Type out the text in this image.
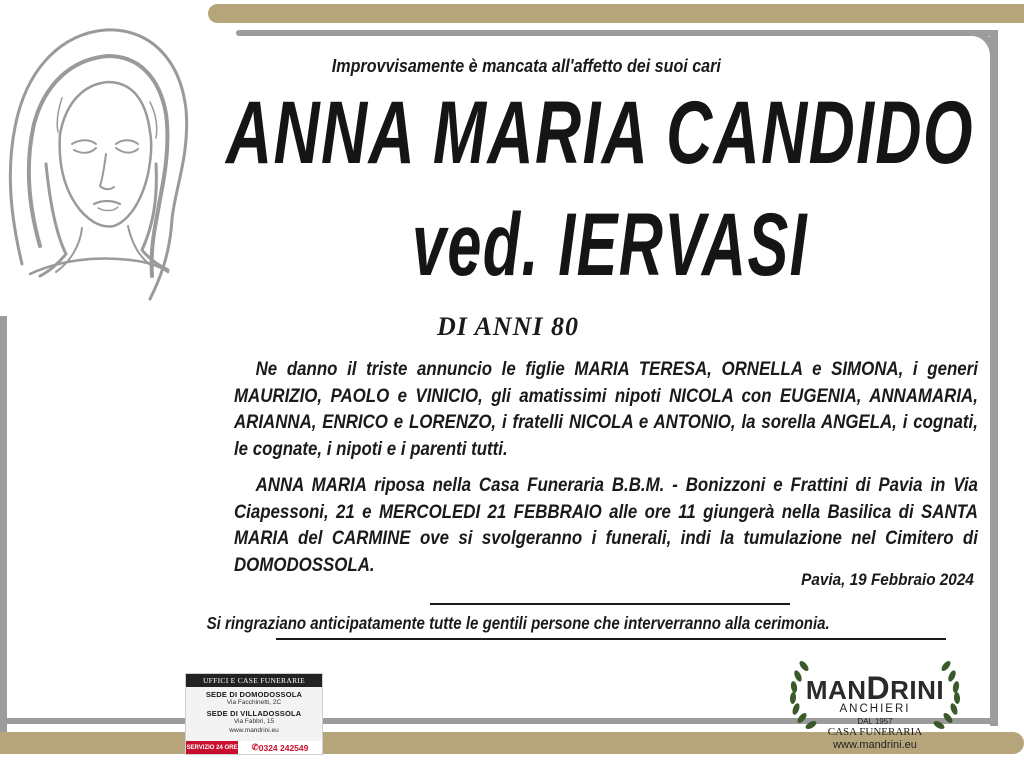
Improvvisamente è mancata all'affetto dei suoi cari
ANNA MARIA CANDIDO
ved. IERVASI
DI ANNI 80
Ne danno il triste annuncio le figlie MARIA TERESA, ORNELLA e SIMONA, i generi MAURIZIO, PAOLO e VINICIO, gli amatissimi nipoti NICOLA con EUGENIA, ANNAMARIA, ARIANNA, ENRICO e LORENZO, i fratelli NICOLA e ANTONIO, la sorella ANGELA, i cognati, le cognate, i nipoti e i parenti tutti.
ANNA MARIA riposa nella Casa Funeraria B.B.M. - Bonizzoni e Frattini di Pavia in Via Ciapessoni, 21 e MERCOLEDI 21 FEBBRAIO alle ore 11 giungerà nella Basilica di SANTA MARIA del CARMINE ove si svolgeranno i funerali, indi la tumulazione nel Cimitero di DOMODOSSOLA.
Pavia, 19 Febbraio 2024
Si ringraziano anticipatamente tutte le gentili persone che interverranno alla cerimonia.
UFFICI E CASE FUNERARIE
SEDE DI DOMODOSSOLA
Via Facchinetti, 2C
SEDE DI VILLADOSSOLA
Via Fabbri, 15
www.mandrini.eu
SERVIZIO 24 ORE ✆ 0324 242549
MANDRINI
ANCHIERI
DAL 1957
CASA FUNERARIA
www.mandrini.eu
